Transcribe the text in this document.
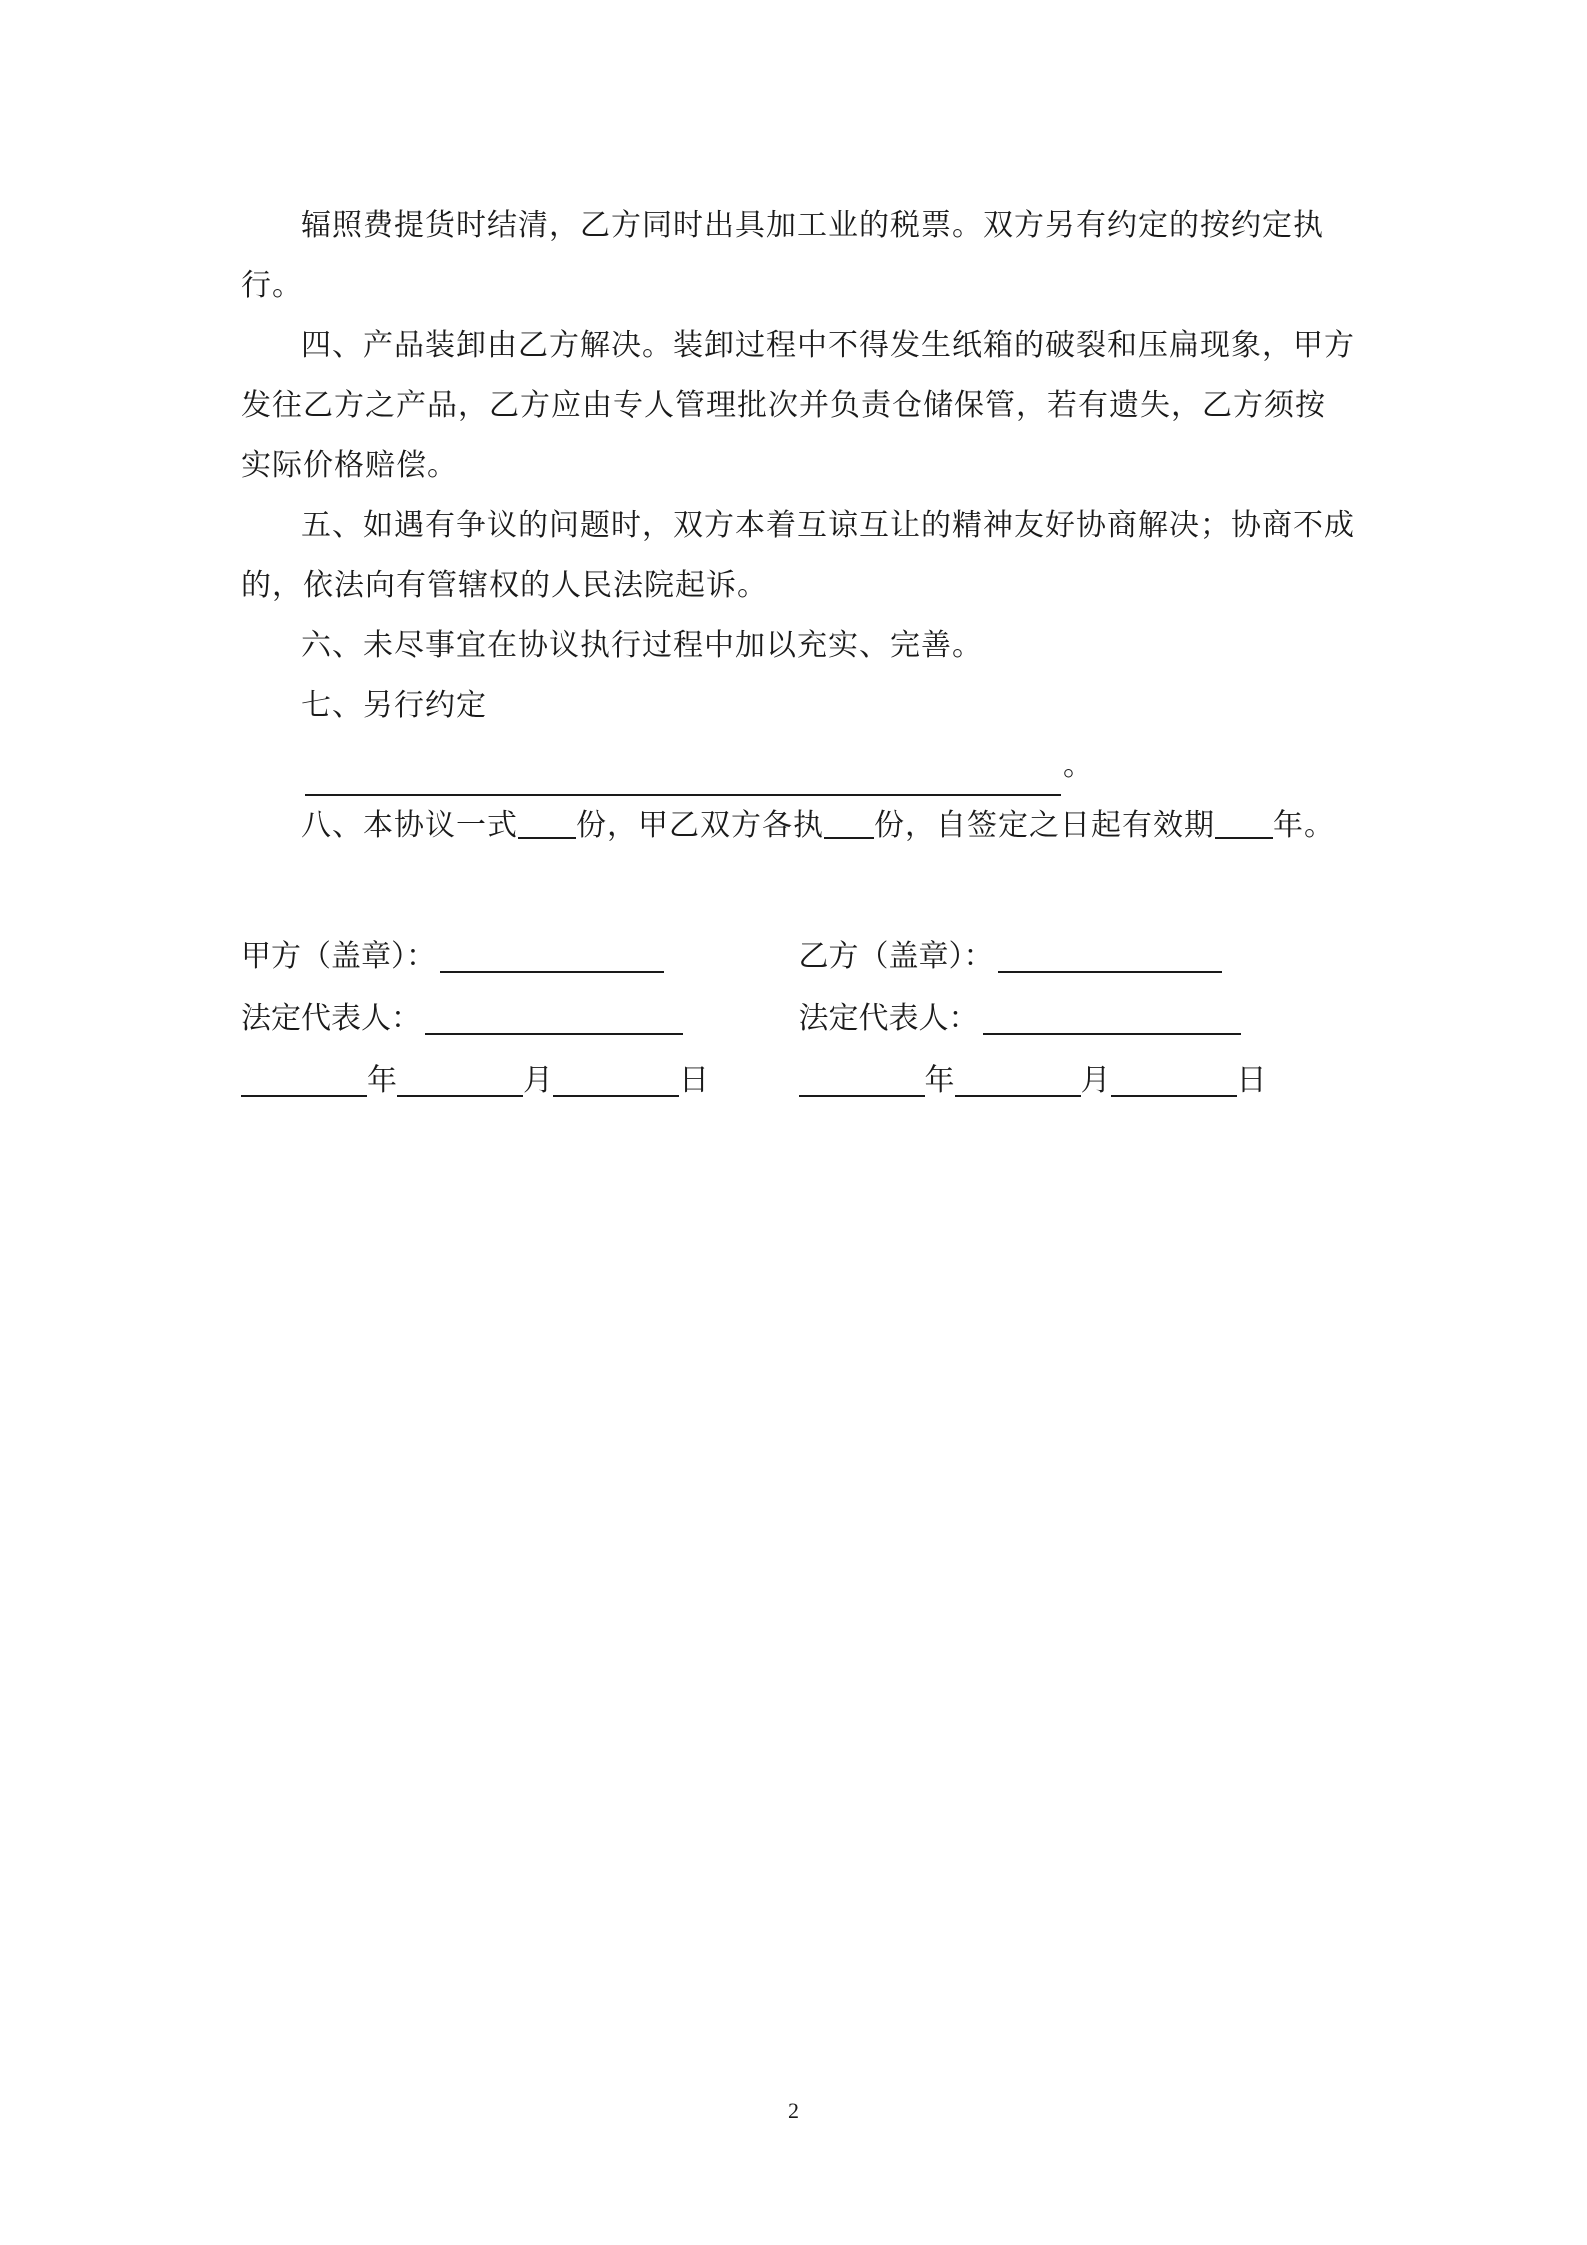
辐照费提货时结清，乙方同时出具加工业的税票。双方另有约定的按约定执行。

四、产品装卸由乙方解决。装卸过程中不得发生纸箱的破裂和压扁现象，甲方发往乙方之产品，乙方应由专人管理批次并负责仓储保管，若有遗失，乙方须按实际价格赔偿。

五、如遇有争议的问题时，双方本着互谅互让的精神友好协商解决；协商不成的，依法向有管辖权的人民法院起诉。

六、未尽事宜在协议执行过程中加以充实、完善。

七、另行约定

。

八、本协议一式 份，甲乙双方各执 份，自签定之日起有效期 年。

甲方（盖章）：	乙方（盖章）：
法定代表人：	法定代表人：
年	月	日	年	月	日
2
